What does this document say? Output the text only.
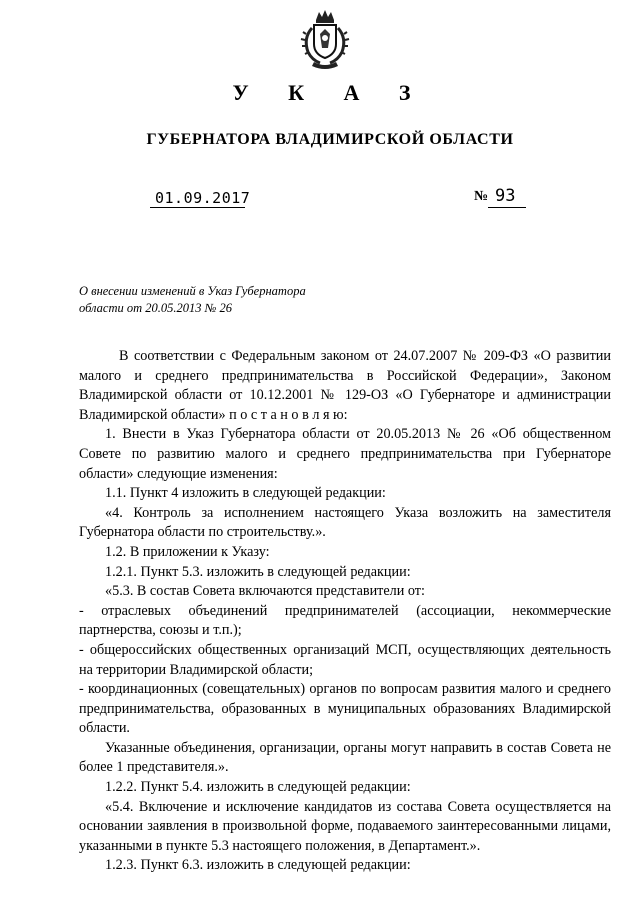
У К А З
ГУБЕРНАТОРА ВЛАДИМИРСКОЙ ОБЛАСТИ
01.09.2017	№ 93
О внесении изменений в Указ Губернатора
области от 20.05.2013 № 26

В соответствии с Федеральным законом от 24.07.2007 № 209-ФЗ «О развитии малого и среднего предпринимательства в Российской Федерации», Законом Владимирской области от 10.12.2001 № 129-ОЗ «О Губернаторе и администрации Владимирской области» п о с т а н о в л я ю:

1. Внести в Указ Губернатора области от 20.05.2013 № 26 «Об общественном Совете по развитию малого и среднего предпринимательства при Губернаторе области» следующие изменения:

1.1. Пункт 4 изложить в следующей редакции:

«4. Контроль за исполнением настоящего Указа возложить на заместителя Губернатора области по строительству.».

1.2. В приложении к Указу:

1.2.1. Пункт 5.3. изложить в следующей редакции:

«5.3. В состав Совета включаются представители от:

- отраслевых объединений предпринимателей (ассоциации, некоммерческие партнерства, союзы и т.п.);

- общероссийских общественных организаций МСП, осуществляющих деятельность на территории Владимирской области;

- координационных (совещательных) органов по вопросам развития малого и среднего предпринимательства, образованных в муниципальных образованиях Владимирской области.

Указанные объединения, организации, органы могут направить в состав Совета не более 1 представителя.».

1.2.2. Пункт 5.4. изложить в следующей редакции:

«5.4. Включение и исключение кандидатов из состава Совета осуществляется на основании заявления в произвольной форме, подаваемого заинтересованными лицами, указанными в пункте 5.3 настоящего положения, в Департамент.».

1.2.3. Пункт 6.3. изложить в следующей редакции:
